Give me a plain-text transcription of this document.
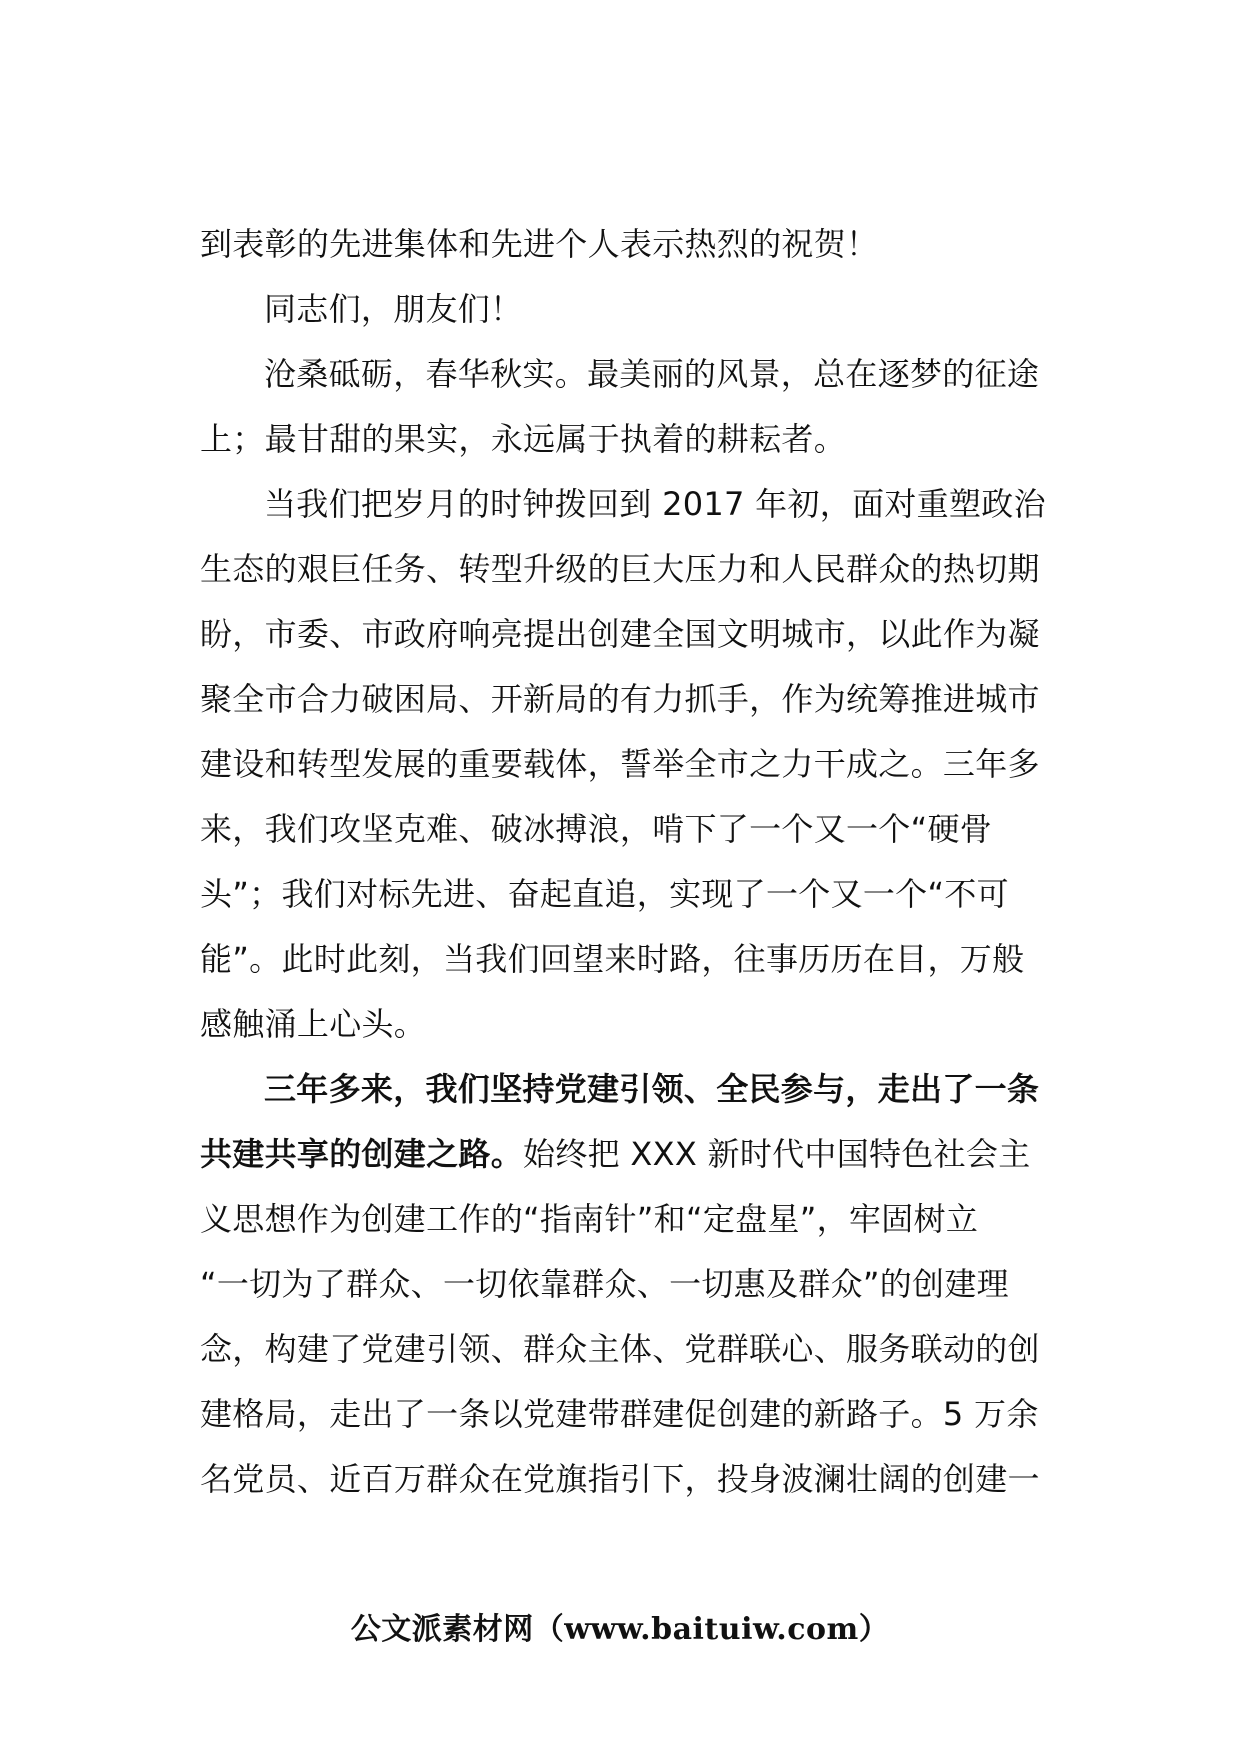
到表彰的先进集体和先进个人表示热烈的祝贺！
同志们，朋友们！
沧桑砥砺，春华秋实。最美丽的风景，总在逐梦的征途
上；最甘甜的果实，永远属于执着的耕耘者。
当我们把岁月的时钟拨回到 2017 年初，面对重塑政治
生态的艰巨任务、转型升级的巨大压力和人民群众的热切期
盼，市委、市政府响亮提出创建全国文明城市，以此作为凝
聚全市合力破困局、开新局的有力抓手，作为统筹推进城市
建设和转型发展的重要载体，誓举全市之力干成之。三年多
来，我们攻坚克难、破冰搏浪，啃下了一个又一个“硬骨
头”；我们对标先进、奋起直追，实现了一个又一个“不可
能”。此时此刻，当我们回望来时路，往事历历在目，万般
感触涌上心头。
三年多来，我们坚持党建引领、全民参与，走出了一条
共建共享的创建之路。始终把 XXX 新时代中国特色社会主
义思想作为创建工作的“指南针”和“定盘星”，牢固树立
“一切为了群众、一切依靠群众、一切惠及群众”的创建理
念，构建了党建引领、群众主体、党群联心、服务联动的创
建格局，走出了一条以党建带群建促创建的新路子。5 万余
名党员、近百万群众在党旗指引下，投身波澜壮阔的创建一
公文派素材网（www.baituiw.com）
